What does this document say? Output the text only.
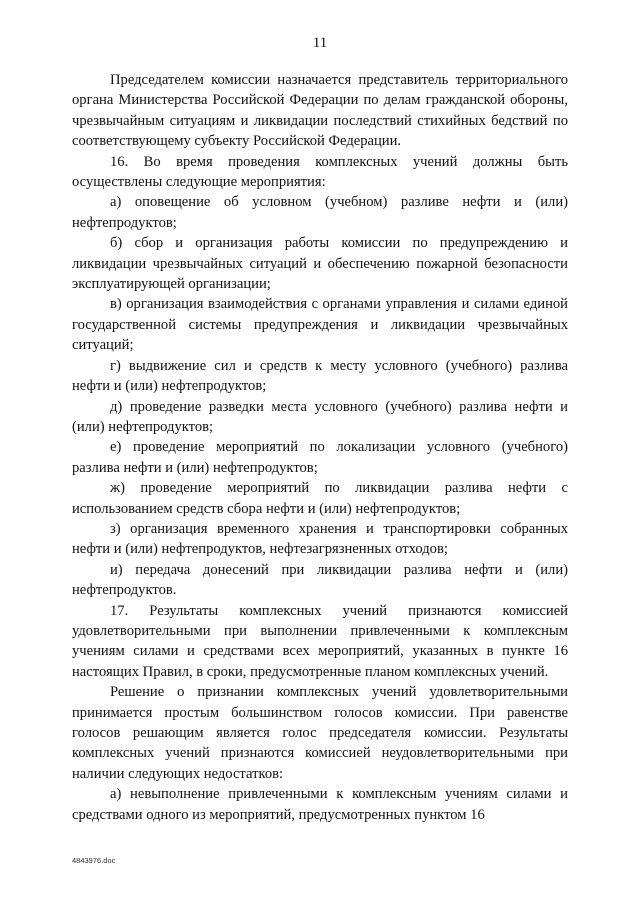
11

Председателем комиссии назначается представитель территориального органа Министерства Российской Федерации по делам гражданской обороны, чрезвычайным ситуациям и ликвидации последствий стихийных бедствий по соответствующему субъекту Российской Федерации.

16. Во время проведения комплексных учений должны быть осуществлены следующие мероприятия:

а) оповещение об условном (учебном) разливе нефти и (или) нефтепродуктов;

б) сбор и организация работы комиссии по предупреждению и ликвидации чрезвычайных ситуаций и обеспечению пожарной безопасности эксплуатирующей организации;

в) организация взаимодействия с органами управления и силами единой государственной системы предупреждения и ликвидации чрезвычайных ситуаций;

г) выдвижение сил и средств к месту условного (учебного) разлива нефти и (или) нефтепродуктов;

д) проведение разведки места условного (учебного) разлива нефти и (или) нефтепродуктов;

е) проведение мероприятий по локализации условного (учебного) разлива нефти и (или) нефтепродуктов;

ж) проведение мероприятий по ликвидации разлива нефти с использованием средств сбора нефти и (или) нефтепродуктов;

з) организация временного хранения и транспортировки собранных нефти и (или) нефтепродуктов, нефтезагрязненных отходов;

и) передача донесений при ликвидации разлива нефти и (или) нефтепродуктов.

17. Результаты комплексных учений признаются комиссией удовлетворительными при выполнении привлеченными к комплексным учениям силами и средствами всех мероприятий, указанных в пункте 16 настоящих Правил, в сроки, предусмотренные планом комплексных учений.

Решение о признании комплексных учений удовлетворительными принимается простым большинством голосов комиссии. При равенстве голосов решающим является голос председателя комиссии. Результаты комплексных учений признаются комиссией неудовлетворительными при наличии следующих недостатков:

а) невыполнение привлеченными к комплексным учениям силами и средствами одного из мероприятий, предусмотренных пунктом 16

4843976.doc
